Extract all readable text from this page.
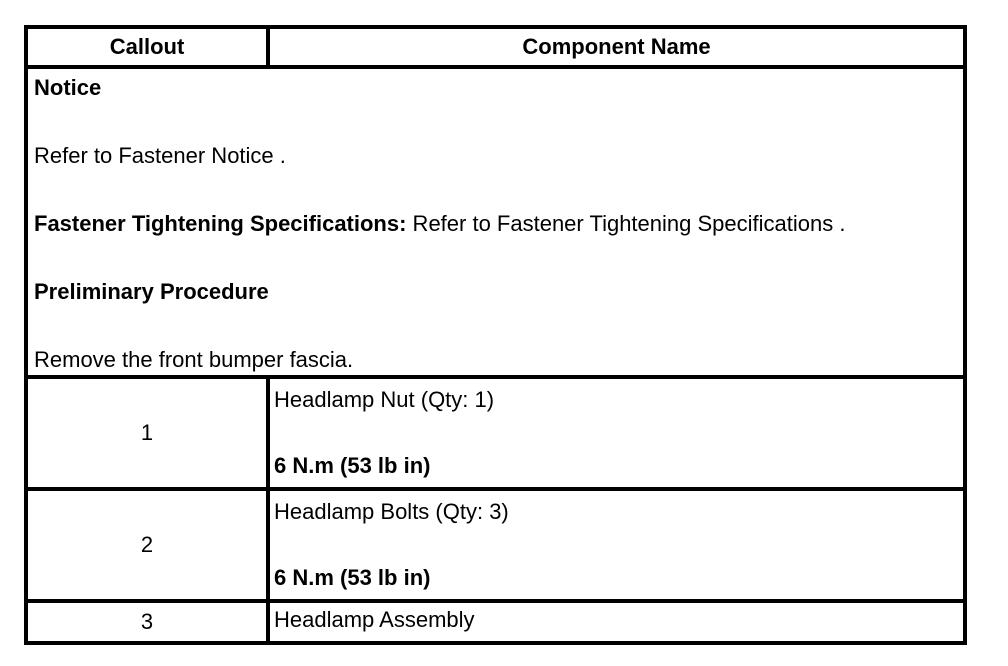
Callout	Component Name

Notice

Refer to Fastener Notice .

Fastener Tightening Specifications: Refer to Fastener Tightening Specifications .

Preliminary Procedure

Remove the front bumper fascia.	

1	Headlamp Nut (Qty: 1)
6 N.m (53 lb in)

2	Headlamp Bolts (Qty: 3)
6 N.m (53 lb in)

3	Headlamp Assembly
